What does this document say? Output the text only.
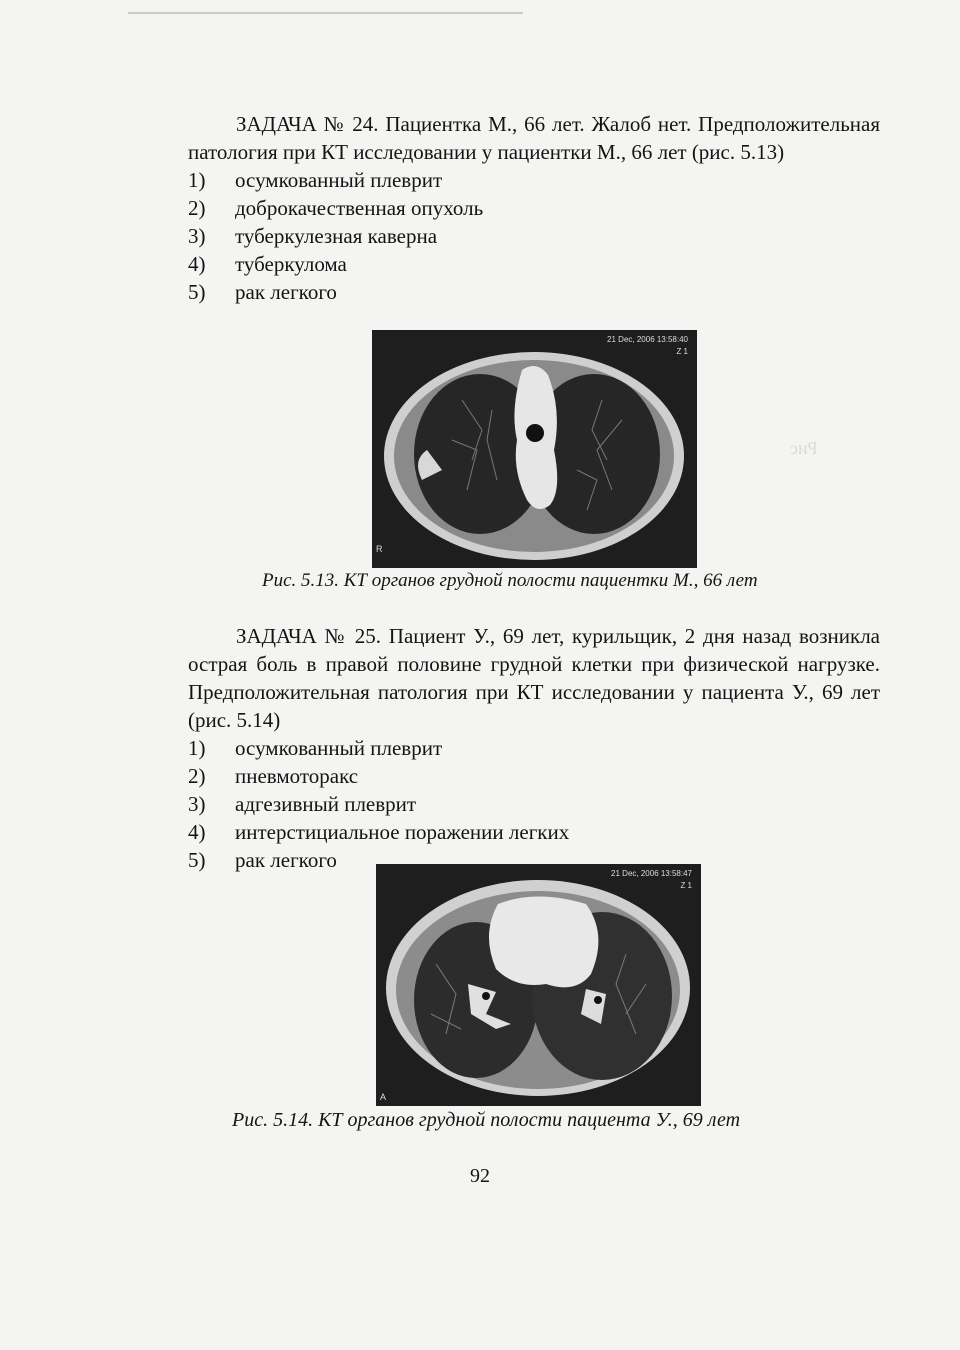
Рис

ЗАДАЧА № 24. Пациентка М., 66 лет. Жалоб нет. Предположительная патология при КТ исследовании у пациентки М., 66 лет (рис. 5.13)

1)	осумкованный плеврит
2)	доброкачественная опухоль
3)	туберкулезная каверна
4)	туберкулома
5)	рак легкого
21 Dec, 2006 13:58:40
Z 1
R
Рис. 5.13. КТ органов грудной полости пациентки М., 66 лет

ЗАДАЧА № 25. Пациент У., 69 лет, курильщик, 2 дня назад возникла острая боль в правой половине грудной клетки при физической нагрузке. Предположительная патология при КТ исследовании у пациента У., 69 лет (рис. 5.14)

1)	осумкованный плеврит
2)	пневмоторакс
3)	адгезивный плеврит
4)	интерстициальное поражении легких
5)	рак легкого
21 Dec, 2006 13:58:47
Z 1
A
Рис. 5.14. КТ органов грудной полости пациента У., 69 лет
92
